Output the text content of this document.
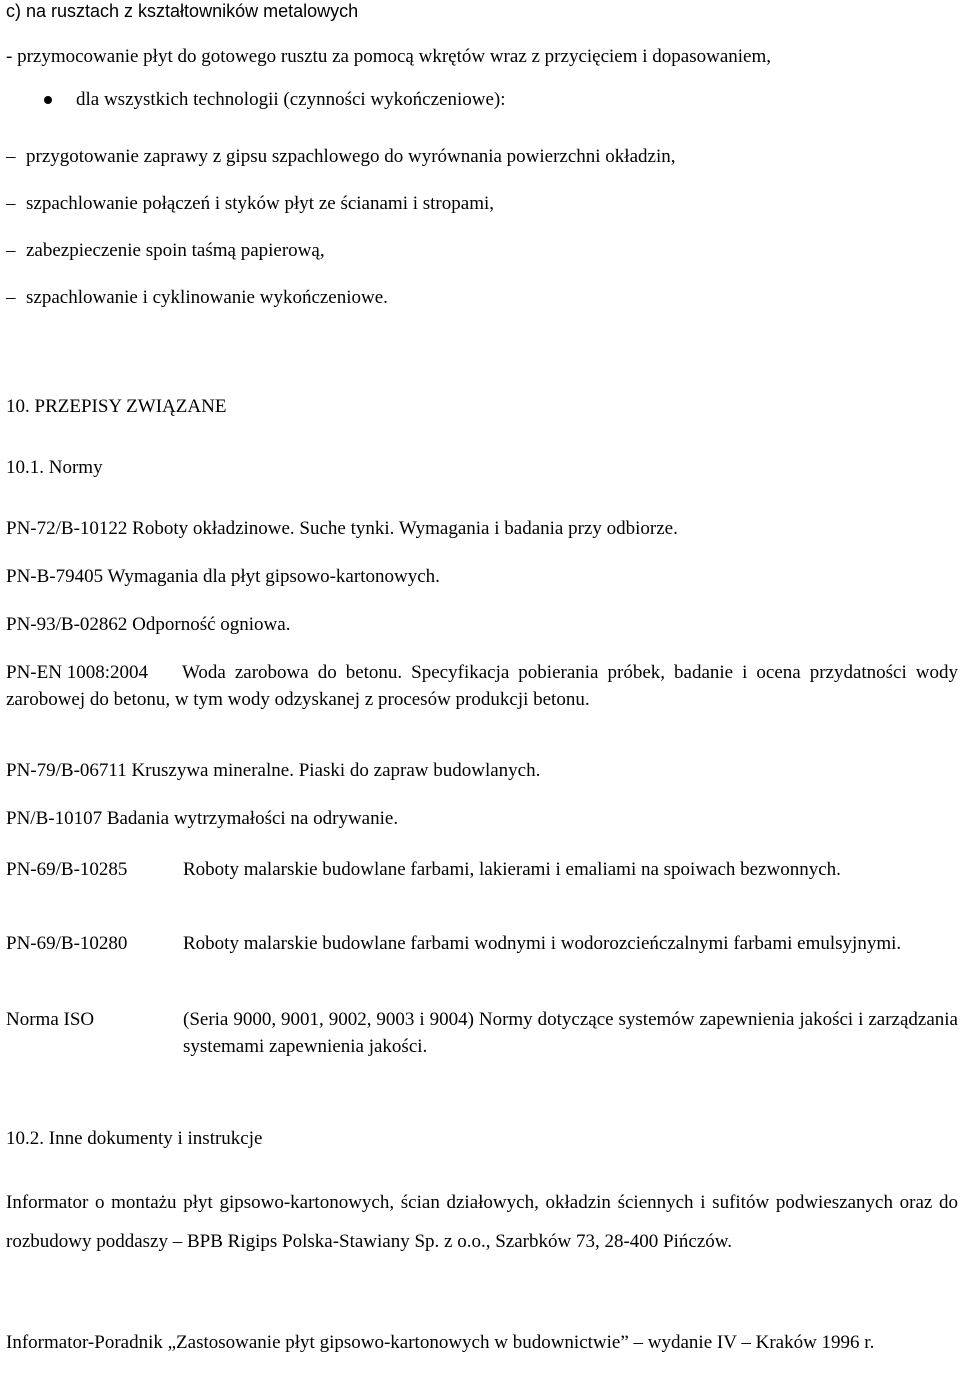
c) na rusztach z kształtowników metalowych
- przymocowanie płyt do gotowego rusztu za pomocą wkrętów wraz z przycięciem i dopasowaniem,
dla wszystkich technologii (czynności wykończeniowe):
– przygotowanie zaprawy z gipsu szpachlowego do wyrównania powierzchni okładzin,
– szpachlowanie połączeń i styków płyt ze ścianami i stropami,
– zabezpieczenie spoin taśmą papierową,
– szpachlowanie i cyklinowanie wykończeniowe.
10. PRZEPISY ZWIĄZANE
10.1. Normy
PN-72/B-10122 Roboty okładzinowe. Suche tynki. Wymagania i badania przy odbiorze.
PN-B-79405 Wymagania dla płyt gipsowo-kartonowych.
PN-93/B-02862 Odporność ogniowa.
PN-EN 1008:2004	Woda zarobowa do betonu. Specyfikacja pobierania próbek, badanie i ocena przydatności wody zarobowej do betonu, w tym wody odzyskanej z procesów produkcji betonu.
PN-79/B-06711 Kruszywa mineralne. Piaski do zapraw budowlanych.
PN/B-10107 Badania wytrzymałości na odrywanie.
PN-69/B-10285	Roboty malarskie budowlane farbami, lakierami i emaliami na spoiwach bezwonnych.
PN-69/B-10280	Roboty malarskie budowlane farbami wodnymi i wodorozcieńczalnymi farbami emulsyjnymi.
Norma ISO	(Seria 9000, 9001, 9002, 9003 i 9004) Normy dotyczące systemów zapewnienia jakości i zarządzania systemami zapewnienia jakości.
10.2. Inne dokumenty i instrukcje
Informator o montażu płyt gipsowo-kartonowych, ścian działowych, okładzin ściennych i sufitów podwieszanych oraz do rozbudowy poddaszy – BPB Rigips Polska-Stawiany Sp. z o.o., Szarbków 73, 28-400 Pińczów.
Informator-Poradnik „Zastosowanie płyt gipsowo-kartonowych w budownictwie” – wydanie IV – Kraków 1996 r.
